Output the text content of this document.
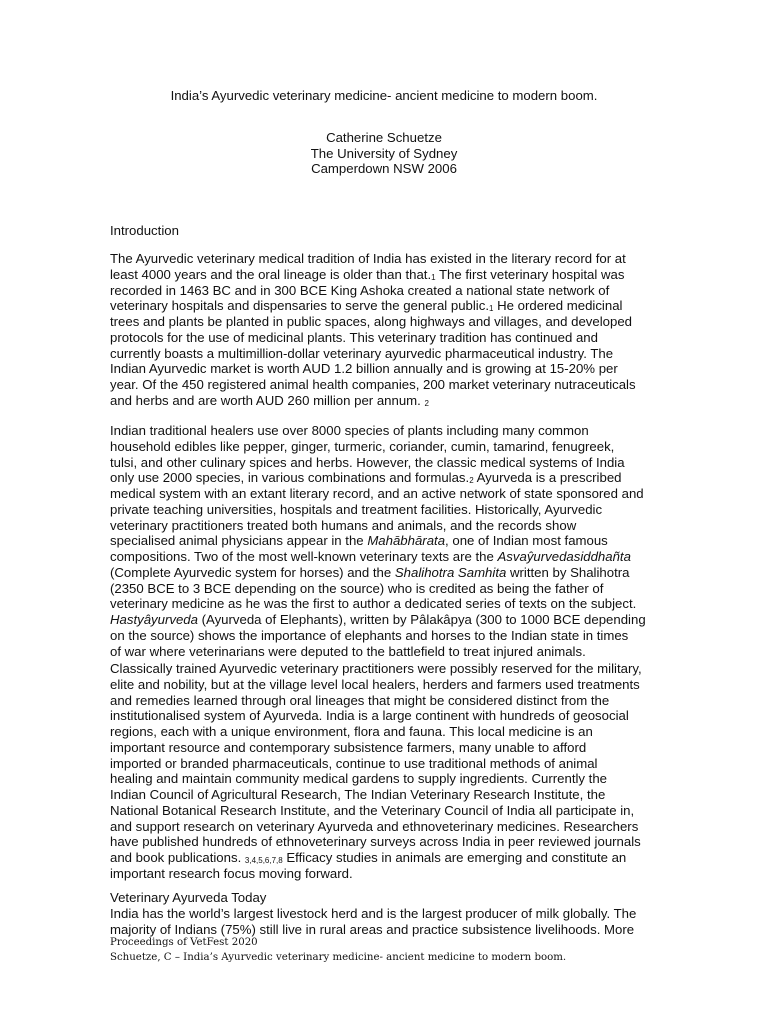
India’s Ayurvedic veterinary medicine- ancient medicine to modern boom.
Catherine Schuetze
The University of Sydney
Camperdown NSW 2006
Introduction
The Ayurvedic veterinary medical tradition of India has existed in the literary record for at
least 4000 years and the oral lineage is older than that.1 The first veterinary hospital was
recorded in 1463 BC and in 300 BCE King Ashoka created a national state network of
veterinary hospitals and dispensaries to serve the general public.1 He ordered medicinal
trees and plants be planted in public spaces, along highways and villages, and developed
protocols for the use of medicinal plants. This veterinary tradition has continued and
currently boasts a multimillion-dollar veterinary ayurvedic pharmaceutical industry. The
Indian Ayurvedic market is worth AUD 1.2 billion annually and is growing at 15-20% per
year. Of the 450 registered animal health companies, 200 market veterinary nutraceuticals
and herbs and are worth AUD 260 million per annum. 2
Indian traditional healers use over 8000 species of plants including many common
household edibles like pepper, ginger, turmeric, coriander, cumin, tamarind, fenugreek,
tulsi, and other culinary spices and herbs. However, the classic medical systems of India
only use 2000 species, in various combinations and formulas.2 Ayurveda is a prescribed
medical system with an extant literary record, and an active network of state sponsored and
private teaching universities, hospitals and treatment facilities. Historically, Ayurvedic
veterinary practitioners treated both humans and animals, and the records show
specialised animal physicians appear in the Mahābhārata, one of Indian most famous
compositions. Two of the most well-known veterinary texts are the Asvaŷurvedasiddhañta
(Complete Ayurvedic system for horses) and the Shalihotra Samhita written by Shalihotra
(2350 BCE to 3 BCE depending on the source) who is credited as being the father of
veterinary medicine as he was the first to author a dedicated series of texts on the subject.
Hastyâyurveda (Ayurveda of Elephants), written by Pâlakâpya (300 to 1000 BCE depending
on the source) shows the importance of elephants and horses to the Indian state in times
of war where veterinarians were deputed to the battlefield to treat injured animals.
Classically trained Ayurvedic veterinary practitioners were possibly reserved for the military,
elite and nobility, but at the village level local healers, herders and farmers used treatments
and remedies learned through oral lineages that might be considered distinct from the
institutionalised system of Ayurveda. India is a large continent with hundreds of geosocial
regions, each with a unique environment, flora and fauna. This local medicine is an
important resource and contemporary subsistence farmers, many unable to afford
imported or branded pharmaceuticals, continue to use traditional methods of animal
healing and maintain community medical gardens to supply ingredients. Currently the
Indian Council of Agricultural Research, The Indian Veterinary Research Institute, the
National Botanical Research Institute, and the Veterinary Council of India all participate in,
and support research on veterinary Ayurveda and ethnoveterinary medicines. Researchers
have published hundreds of ethnoveterinary surveys across India in peer reviewed journals
and book publications. 3,4,5,6,7,8 Efficacy studies in animals are emerging and constitute an
important research focus moving forward.
Veterinary Ayurveda Today
India has the world’s largest livestock herd and is the largest producer of milk globally. The
majority of Indians (75%) still live in rural areas and practice subsistence livelihoods. More
Proceedings of VetFest 2020
Schuetze, C – India’s Ayurvedic veterinary medicine- ancient medicine to modern boom.
